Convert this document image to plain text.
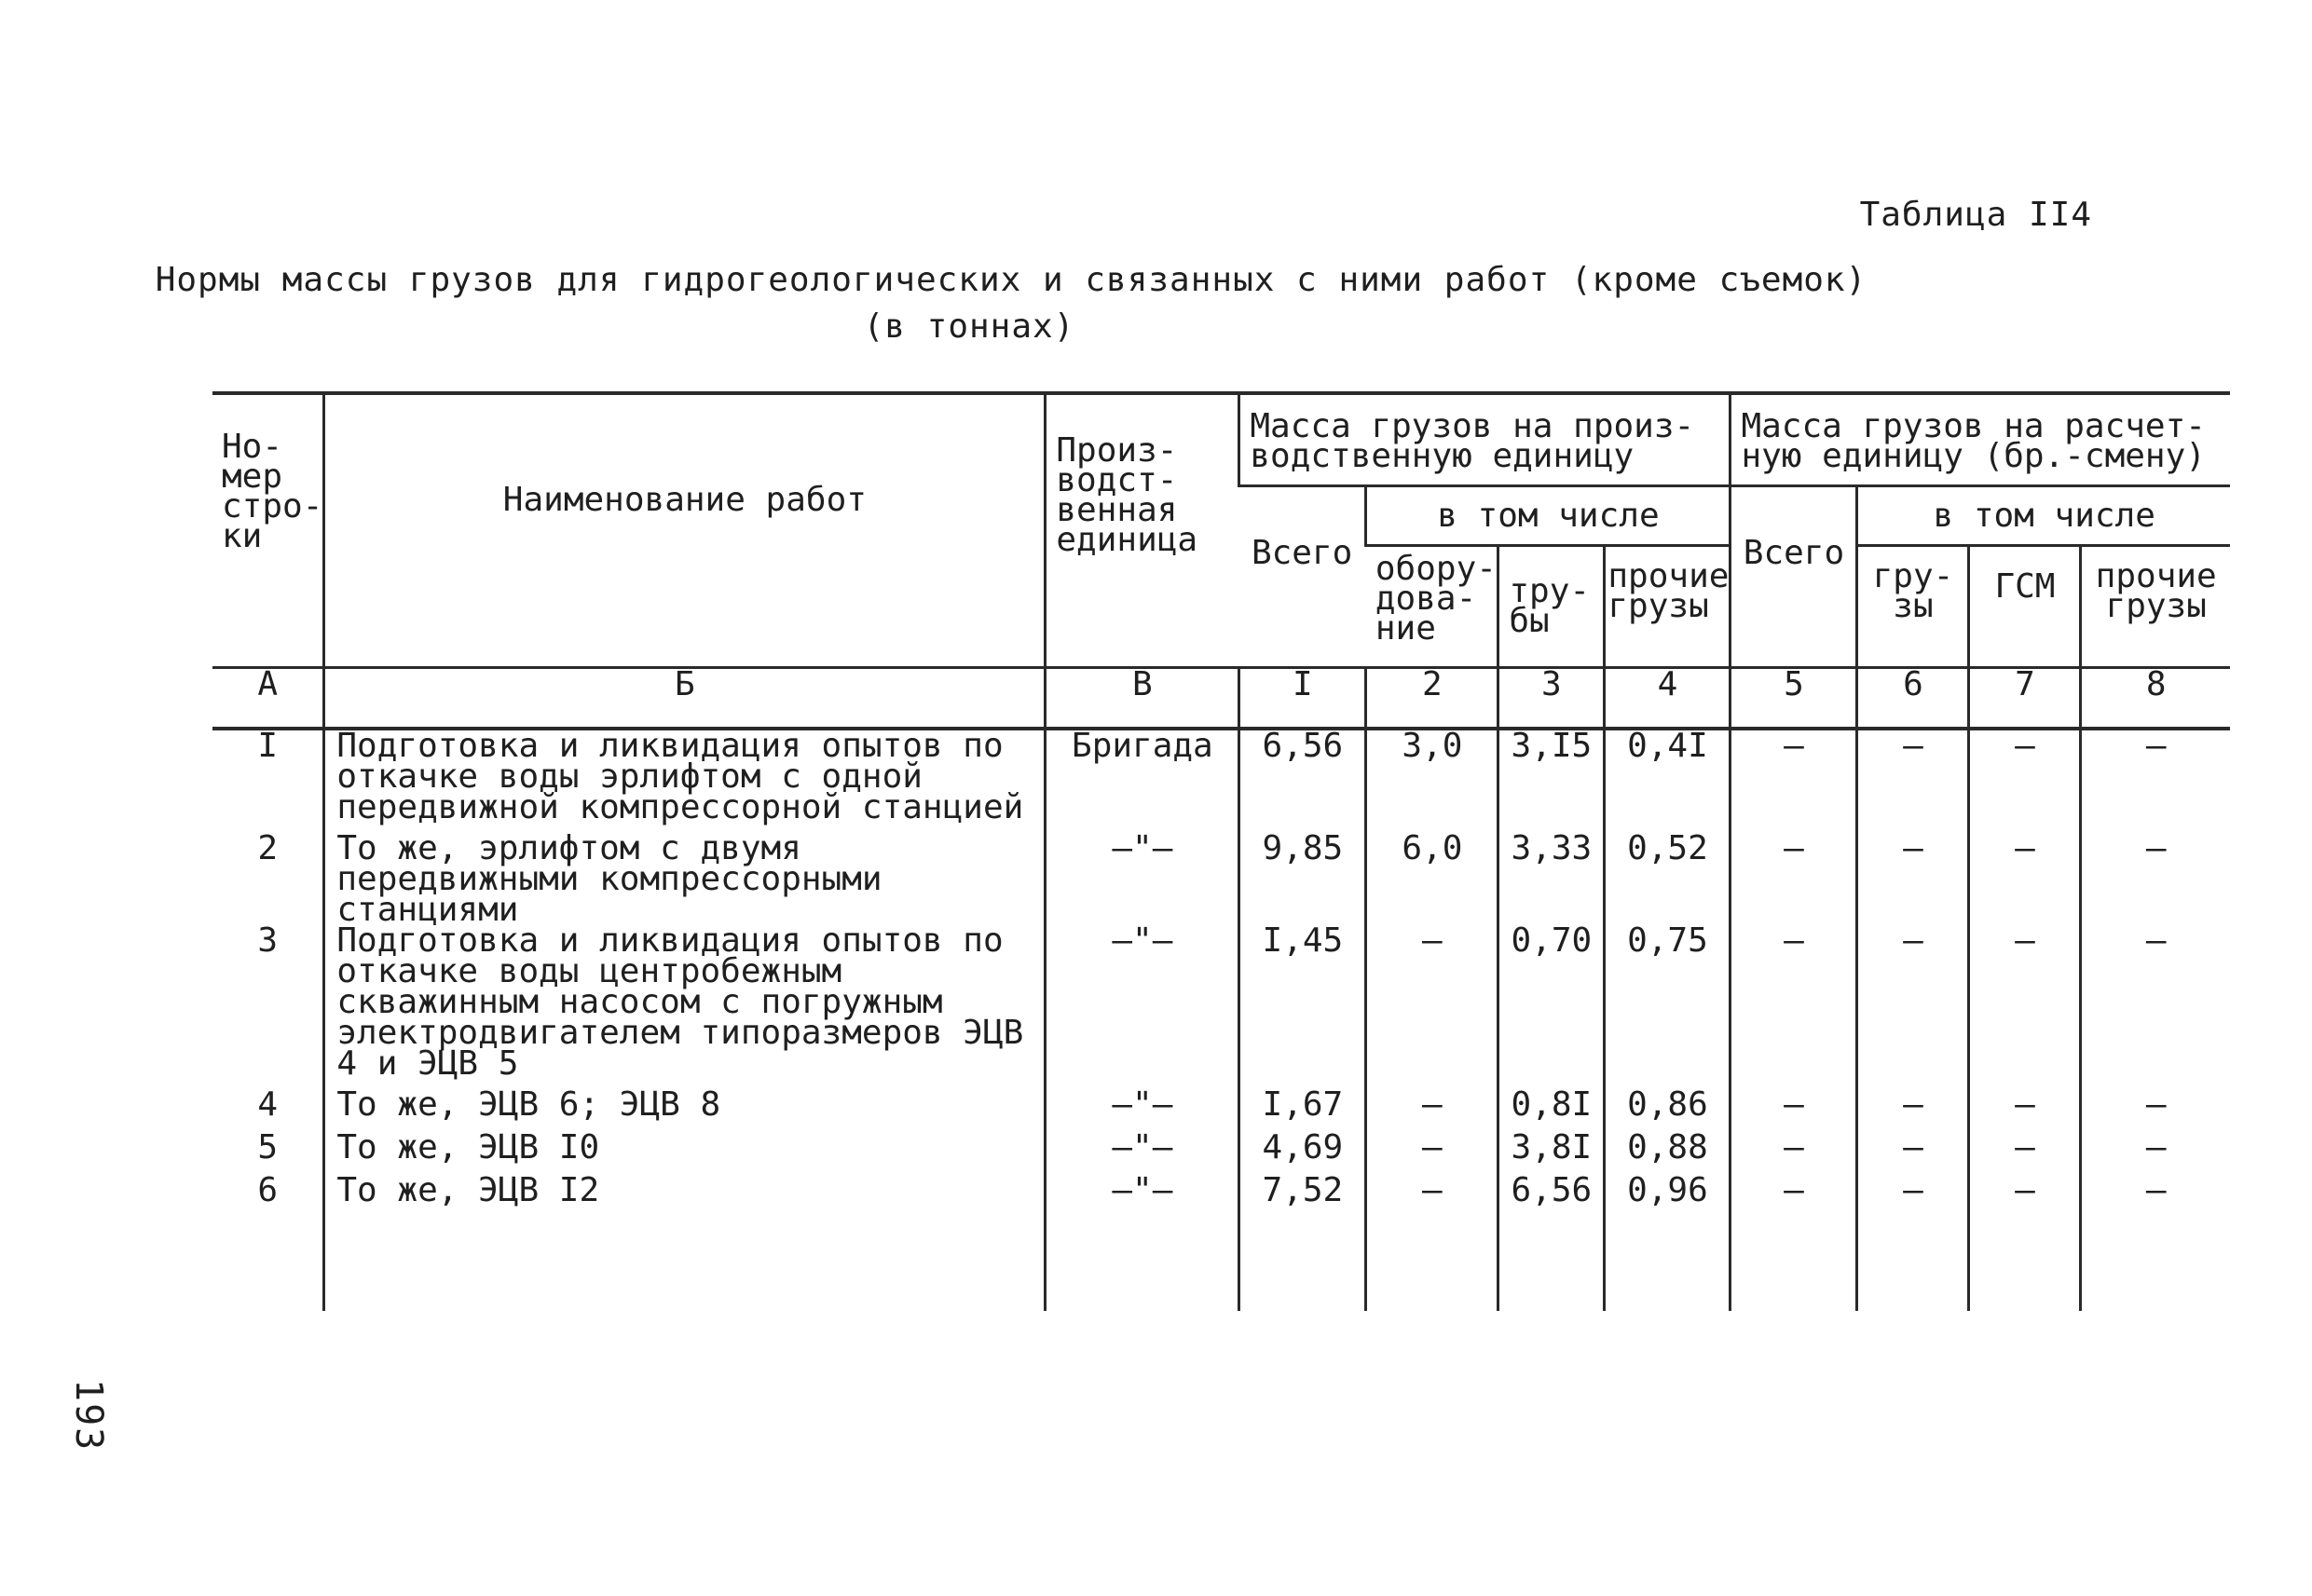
Таблица II4
Нормы массы грузов для гидрогеологических и связанных с ними работ (кроме съемок)
(в тоннах)
193
Но-
мер
стро-
ки	Наименование работ	Произ-
водст-
венная
единица	Масса грузов на произ-
водственную единицу				Масса грузов на расчет-
ную единицу (бр.-смену)			
			Всего	в том числе			Всего	в том числе		
				обору-
дова-
ние	тру-
бы	прочие
грузы		гру-
зы	ГСМ	прочие
грузы
А	Б	В	I	2	3	4	5	6	7	8
I	Подготовка и ликвидация опытов по откачке воды эрлифтом с одной передвижной компрессорной станцией	Бригада	6,56	3,0	3,I5	0,4I	–	–	–	–
2	То же, эрлифтом с двумя передвижными компрессорными станциями	–"–	9,85	6,0	3,33	0,52	–	–	–	–
3	Подготовка и ликвидация опытов по откачке воды центробежным скважинным насосом с погружным электродвигателем типоразмеров ЭЦВ 4 и ЭЦВ 5	–"–	I,45	–	0,70	0,75	–	–	–	–
4	То же, ЭЦВ 6; ЭЦВ 8	–"–	I,67	–	0,8I	0,86	–	–	–	–
5	То же, ЭЦВ I0	–"–	4,69	–	3,8I	0,88	–	–	–	–
6	То же, ЭЦВ I2	–"–	7,52	–	6,56	0,96	–	–	–	–
